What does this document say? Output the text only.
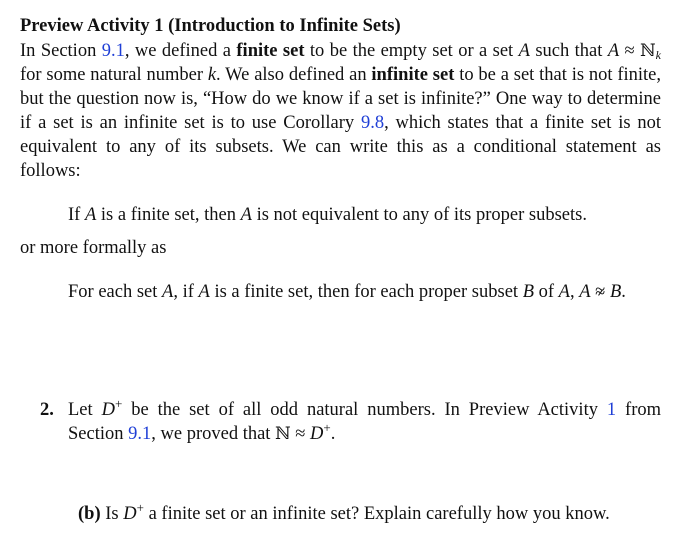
Preview Activity 1 (Introduction to Infinite Sets)
In Section 9.1, we defined a finite set to be the empty set or a set A such that A ≈ ℕ$_k$ for some natural number k. We also defined an infinite set to be a set that is not finite, but the question now is, “How do we know if a set is infinite?” One way to determine if a set is an infinite set is to use Corollary 9.8, which states that a finite set is not equivalent to any of its subsets. We can write this as a conditional statement as follows:
If A is a finite set, then A is not equivalent to any of its proper subsets.
or more formally as
For each set A, if A is a finite set, then for each proper subset B of A, A ≈ B.
2. Let D+ be the set of all odd natural numbers. In Preview Activity 1 from Section 9.1, we proved that ℕ ≈ D+.
(b) Is D+ a finite set or an infinite set? Explain carefully how you know.
